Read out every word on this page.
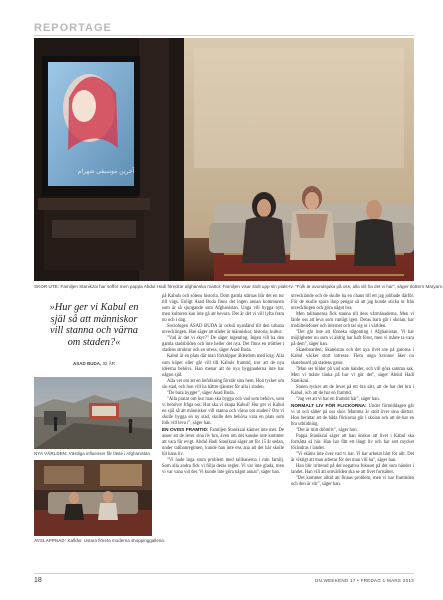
REPORTAGE
آخرین موسیقی شهرام
SKOR UTE: Familjen Stanikzai har soffor men pappa Abdul Hadi föredrar afghanska mattor. Familjen visar stolt upp sin plakt-tv. "Folk är avundsjuka på oss, alla vill ha det vi har", säger dottern Maryam.
»Hur ger vi Kabul en själ så att människor vill stanna och värna om staden?«
ASAD BUDA, 32 ÅR
NYA VÄRLDEN: Västliga influenser får fäste i Afghanistan.
AVSLAPPNAD: Kafkås: Ustara flöreta moderna shoppinggalleria.

på Kabuls och sötens historia. Dom gamla stårnas blir det en tur till vägs. Enligt Asad Buda finns det ingen annan kommunen som är så sjungande som Afghanistan. Unga vill bygga nytt, men kulturen kan inte gå att bevara. Det är det vi vill lyfta fram nu och i dag.

Sociologen ASAD BUDA är också nyanländ till den urbana utvecklingen. Han säger att städer är människor, historia, kultur.

"Vad är det vi skyr?" De säger ingenting. Ingen vill ha den gamla stadsbilden och inte heller det nya. Det finns en trötthet i stadens struktur och en stress, säger Asad Buda.

Kabul är en plats där man förknippar ålderdom med krig. Alla som köper eller går vill till Kabuls framtid, tror att de nya idéerna behövs. Han menar att de nya byggnaderna inte har någon själ.

Alla vet om att en befolkning förstår sina hem. Hon tycker om sin stad, och hon vill ha bättre tjänster för alla i staden.

"De bara bygger", säger Asad Buda.

"Alla pratar om hur man ska bygga och vad som behövs, som vi behöver fråga oss: Hur ska vi skapa Kabul? Hur ger vi Kabul en själ så att människor vill stanna och värna om staden? Om vi skulle bygga en ny stad, skulle den behöva vara en plats som folk vill leva i", säger han.

EN OVISS FRAMTID: Familjen Stanikzai känner inte mer. De anser att de lever sina liv bra, även om det kanske inte kommer att vara för evigt. Abdul Hadi Stanikzai säger att för 15 år sedan, under talibanregimen, kunde han inte ens ana att det här skulle bli hans liv.

"Vi hade inga stora problem med talibanerna i min familj. Som alla andra fick vi följa deras regler. Vi var inte glada, men vi var vana vid det. Vi kunde inte göra något annat", säger han.

utvecklande och de skulle ha en chans till ett jag jobbade därför. För de skulle spara ihop pengar så att jag kunde sticka ut från utvecklingen och göra något bra.

Men talibanerna fick stanna till dess vårmånaderna. Men vi lärde oss att leva som vanligt igen. Deras barn går i skolan, har mobiltelefoner och internet och tar sig ut i världen.

"Det går inte att förneka någonting i Afghanistan. Vi har möjligheter nu som vi aldrig har haft förut, men vi måste ta vara på dem", säger han.

Skateboarden, Skateistan och det nya livet ute på gatorna i Kabul väcker stort intresse. Flera unga kvinnor åker nu skateboard på stadens gator.

"Man ser bilder på vad som händer, och vill göra samma sak. Men vi måste tänka på hur vi gör det", säger Abdul Hadi Stanikzai.

Sonen tycker att de lever på ett bra sätt, att de har det bra i Kabul, och att de har en framtid.

"Jag vet att vi har en framtid här", säger han.

NORMALT LIV FÖR FLICKORNA: Under förmiddagen går vi ut och sätter på oss skor. Mamma är stolt över sina döttrar. Hon berättar att de båda flickorna går i skolan och att de har en bra utbildning.

"Det är mitt drömliv", säger hon.

Pappa Stanikzai säger att han önskar att livet i Kabul ska fortsätta så här. Han har fått ett långt liv och har sett mycket förändras i landet.

"Vi skäms inte över vad vi har. Vi har arbetat hårt för allt. Det är viktigt att man arbetar för det man vill ha", säger han.

Han blir irriterad på det negativa fokuset på det som händer i landet. Han vill att omvärlden ska se att livet fortsätter.

"Det kommer alltid att finnas problem, men vi har framtiden och den är vår", säger han.

18	DN.WEEKEND 17 • FREDAG 1 MARS 2013
